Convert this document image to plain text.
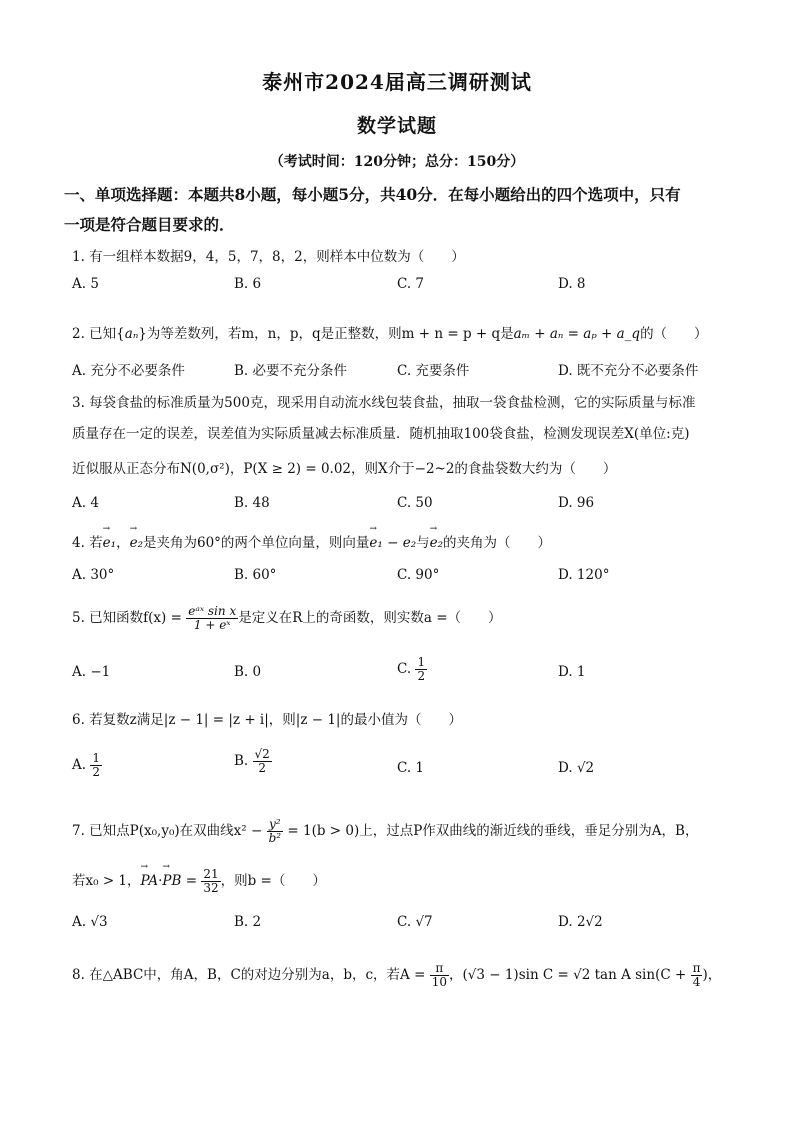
泰州市2024届高三调研测试
数学试题
（考试时间：120分钟；总分：150分）
一、单项选择题：本题共8小题，每小题5分，共40分．在每小题给出的四个选项中，只有
一项是符合题目要求的．
1. 有一组样本数据9，4，5，7，8，2，则样本中位数为（　　）
A. 5	B. 6	C. 7	D. 8
2. 已知{aₙ}为等差数列，若m，n，p，q是正整数，则m + n = p + q是aₘ + aₙ = aₚ + a_q的（　　）
A. 充分不必要条件	B. 必要不充分条件	C. 充要条件	D. 既不充分不必要条件
3. 每袋食盐的标准质量为500克，现采用自动流水线包装食盐，抽取一袋食盐检测，它的实际质量与标准
质量存在一定的误差，误差值为实际质量减去标准质量．随机抽取100袋食盐，检测发现误差X(单位:克)
近似服从正态分布N(0,σ²)，P(X ≥ 2) = 0.02，则X介于−2~2的食盐袋数大约为（　　）
A. 4	B. 48	C. 50	D. 96
4. 若→ e₁，→ e₂是夹角为60°的两个单位向量，则向量→ e₁ − e₂与→ e₂的夹角为（　　）
A. 30°	B. 60°	C. 90°	D. 120°
5. 已知函数$f(x) = \frac{\text{eᵃˣ sin x}}{\text{1 + eˣ}}$ 是定义在R上的奇函数，则实数a =（　　）
A. −1	B. 0	C. $\frac{1}{2}$	D. 1
6. 若复数z满足|z − 1| = |z + i|，则|z − 1|的最小值为（　　）
A. $\frac{1}{2}$	B. $\frac{√2}{2}$	C. 1	D. √2
7. 已知点P(x₀,y₀)在双曲线$x^2 - \frac{\text{y²}}{\text{b²}} = 1(b > 0)$上，过点P作双曲线的渐近线的垂线，垂足分别为A，B，
若x₀ > 1，→ PA·→ PB = $\frac{21}{32}$ ，则b =（　　）
A. √3	B. 2	C. √7	D. 2√2
8. 在△ABC中，角A，B，C的对边分别为a，b，c，若$A = \frac{\pi}{10}$ ，(√3 − 1)sin C = √2 tan A $\sin(C + \frac{\pi}{4}$ )，
